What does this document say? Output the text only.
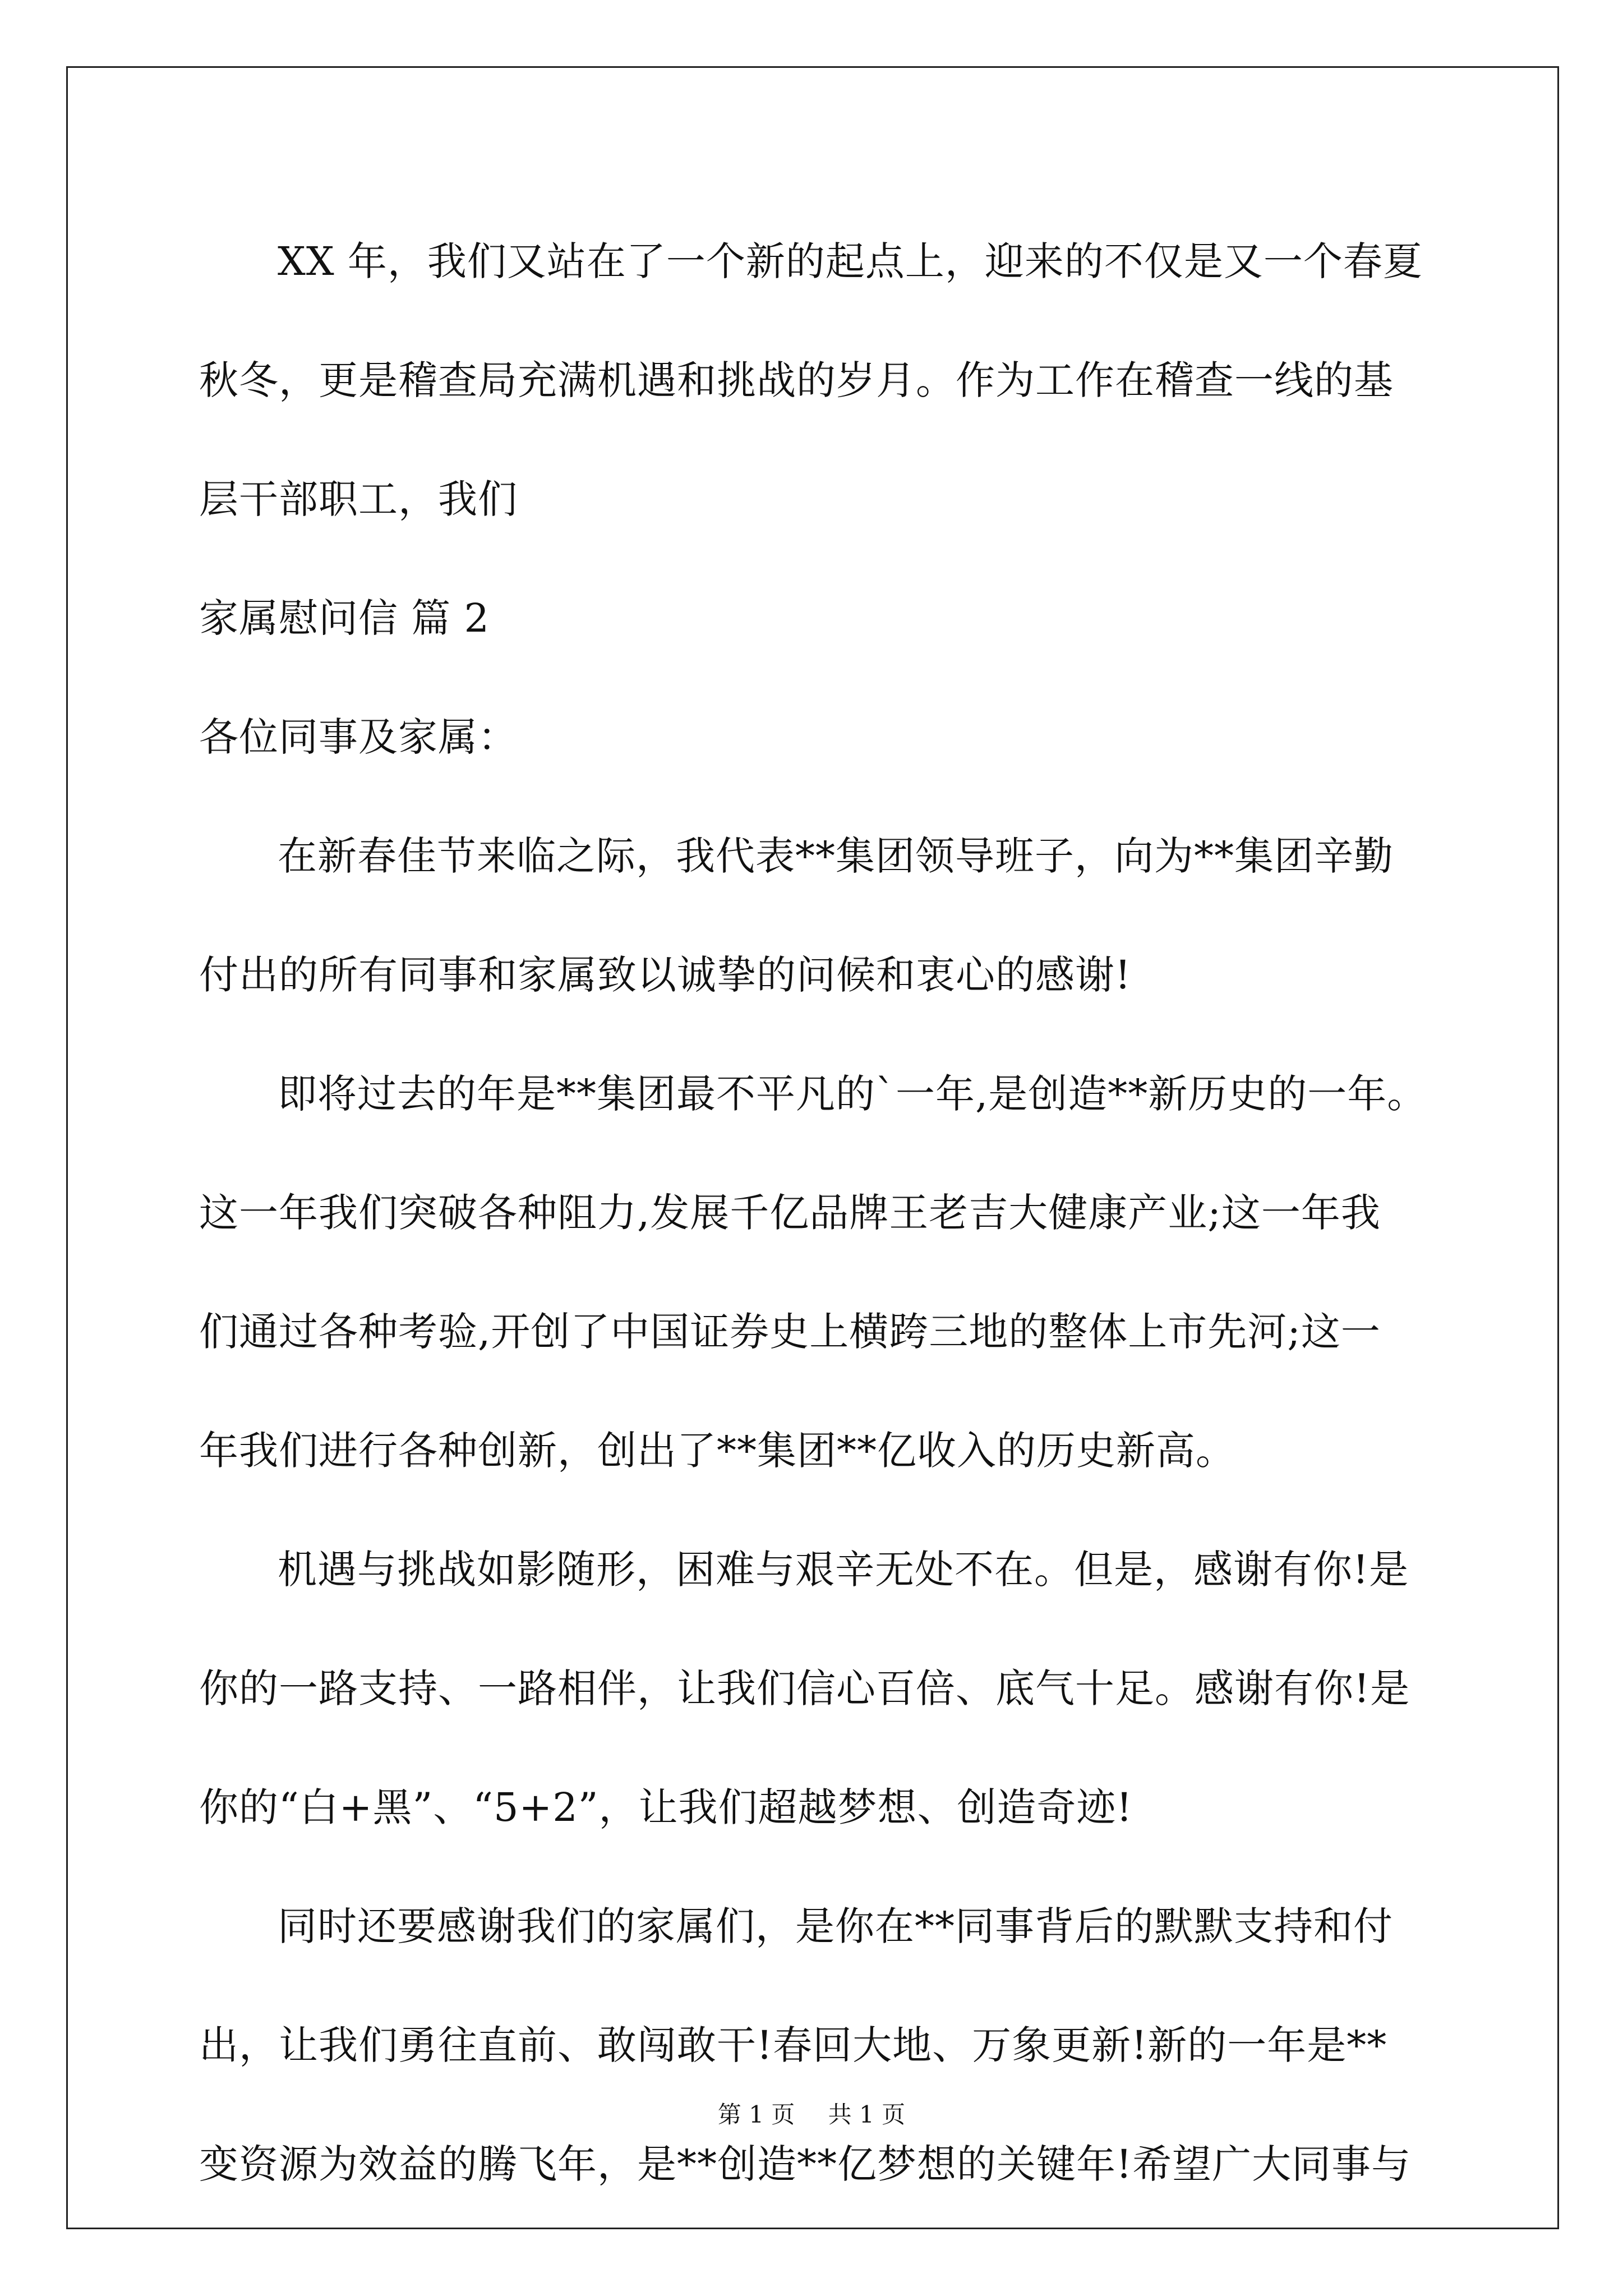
XX 年，我们又站在了一个新的起点上，迎来的不仅是又一个春夏
秋冬，更是稽查局充满机遇和挑战的岁月。作为工作在稽查一线的基
层干部职工，我们
家属慰问信 篇 2
各位同事及家属：
在新春佳节来临之际，我代表**集团领导班子，向为**集团辛勤
付出的所有同事和家属致以诚挚的问候和衷心的感谢!
即将过去的年是**集团最不平凡的`一年,是创造**新历史的一年。
这一年我们突破各种阻力,发展千亿品牌王老吉大健康产业;这一年我
们通过各种考验,开创了中国证券史上横跨三地的整体上市先河;这一
年我们进行各种创新，创出了**集团**亿收入的历史新高。
机遇与挑战如影随形，困难与艰辛无处不在。但是，感谢有你!是
你的一路支持、一路相伴，让我们信心百倍、底气十足。感谢有你!是
你的“白+黑”、“5+2”，让我们超越梦想、创造奇迹!
同时还要感谢我们的家属们，是你在**同事背后的默默支持和付
出，让我们勇往直前、敢闯敢干!春回大地、万象更新!新的一年是**
变资源为效益的腾飞年，是**创造**亿梦想的关键年!希望广大同事与
第 1 页 共 1 页
